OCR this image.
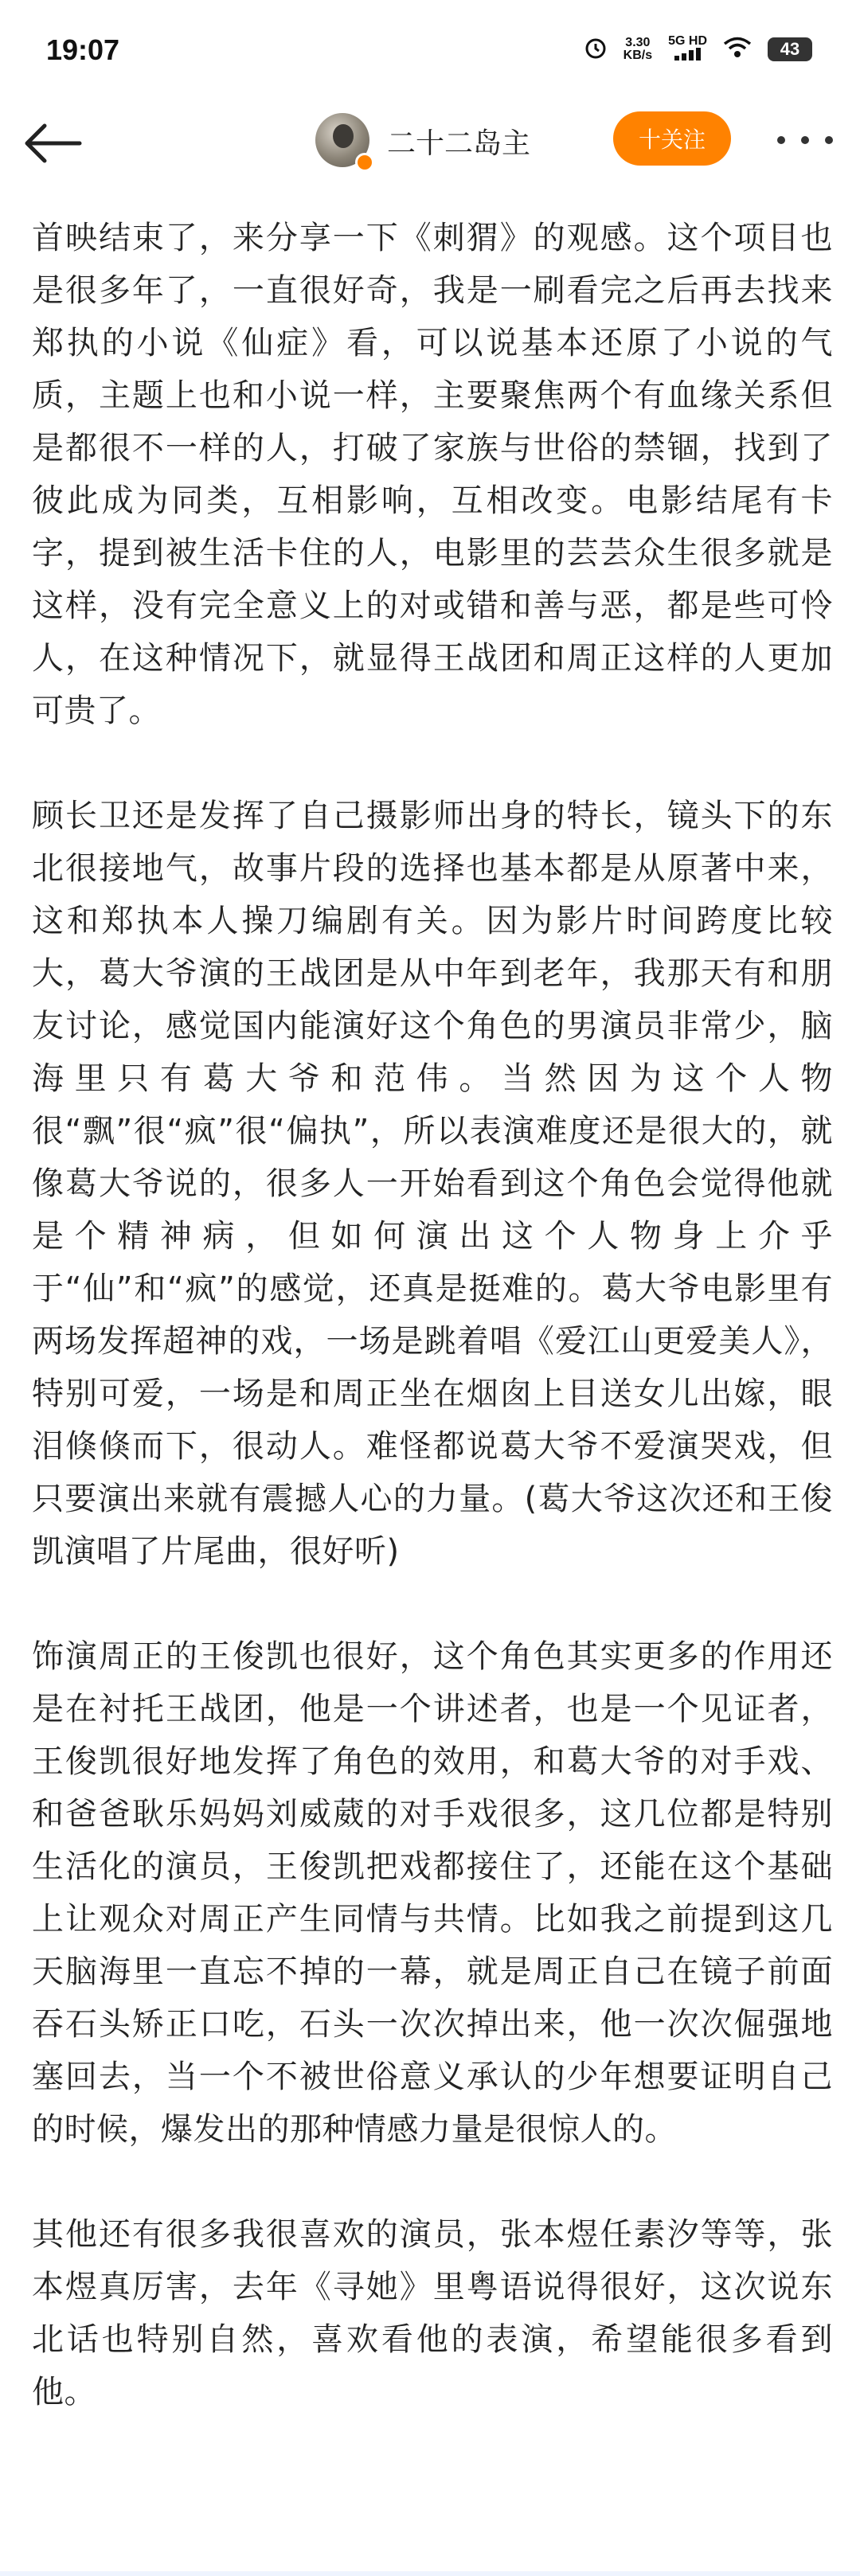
19:07	3.30
KB/s
5G HD	43
二十二岛主	十关注

首映结束了，来分享一下《刺猬》的观感。这个项目也是很多年了，一直很好奇，我是一刷看完之后再去找来郑执的小说《仙症》看，可以说基本还原了小说的气质，主题上也和小说一样，主要聚焦两个有血缘关系但是都很不一样的人，打破了家族与世俗的禁锢，找到了彼此成为同类，互相影响，互相改变。电影结尾有卡字，提到被生活卡住的人，电影里的芸芸众生很多就是这样，没有完全意义上的对或错和善与恶，都是些可怜人，在这种情况下，就显得王战团和周正这样的人更加可贵了。

顾长卫还是发挥了自己摄影师出身的特长，镜头下的东北很接地气，故事片段的选择也基本都是从原著中来，这和郑执本人操刀编剧有关。因为影片时间跨度比较大，葛大爷演的王战团是从中年到老年，我那天有和朋友讨论，感觉国内能演好这个角色的男演员非常少，脑海里只有葛大爷和范伟。当然因为这个人物很“飘”很“疯”很“偏执”，所以表演难度还是很大的，就像葛大爷说的，很多人一开始看到这个角色会觉得他就是个精神病，但如何演出这个人物身上介乎于“仙”和“疯”的感觉，还真是挺难的。葛大爷电影里有两场发挥超神的戏，一场是跳着唱《爱江山更爱美人》，特别可爱，一场是和周正坐在烟囱上目送女儿出嫁，眼泪倏倏而下，很动人。难怪都说葛大爷不爱演哭戏，但只要演出来就有震撼人心的力量。(葛大爷这次还和王俊凯演唱了片尾曲，很好听)

饰演周正的王俊凯也很好，这个角色其实更多的作用还是在衬托王战团，他是一个讲述者，也是一个见证者，王俊凯很好地发挥了角色的效用，和葛大爷的对手戏、和爸爸耿乐妈妈刘威葳的对手戏很多，这几位都是特别生活化的演员，王俊凯把戏都接住了，还能在这个基础上让观众对周正产生同情与共情。比如我之前提到这几天脑海里一直忘不掉的一幕，就是周正自己在镜子前面吞石头矫正口吃，石头一次次掉出来，他一次次倔强地塞回去，当一个不被世俗意义承认的少年想要证明自己的时候，爆发出的那种情感力量是很惊人的。

其他还有很多我很喜欢的演员，张本煜任素汐等等，张本煜真厉害，去年《寻她》里粤语说得很好，这次说东北话也特别自然，喜欢看他的表演，希望能很多看到他。
